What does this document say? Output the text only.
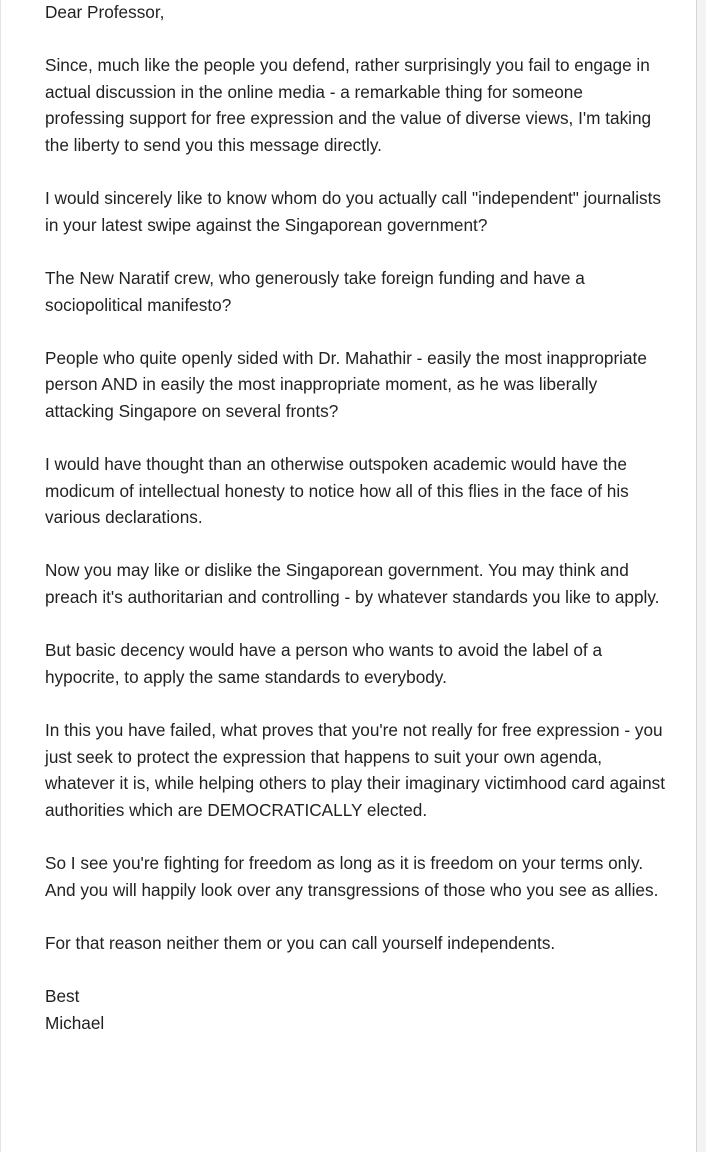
Dear Professor,

Since, much like the people you defend, rather surprisingly you fail to engage in actual discussion in the online media - a remarkable thing for someone professing support for free expression and the value of diverse views, I'm taking the liberty to send you this message directly.

I would sincerely like to know whom do you actually call "independent" journalists in your latest swipe against the Singaporean government?

The New Naratif crew, who generously take foreign funding and have a sociopolitical manifesto?

People who quite openly sided with Dr. Mahathir - easily the most inappropriate person AND in easily the most inappropriate moment, as he was liberally attacking Singapore on several fronts?

I would have thought than an otherwise outspoken academic would have the modicum of intellectual honesty to notice how all of this flies in the face of his various declarations.

Now you may like or dislike the Singaporean government. You may think and preach it's authoritarian and controlling - by whatever standards you like to apply.

But basic decency would have a person who wants to avoid the label of a hypocrite, to apply the same standards to everybody.

In this you have failed, what proves that you're not really for free expression - you just seek to protect the expression that happens to suit your own agenda, whatever it is, while helping others to play their imaginary victimhood card against authorities which are DEMOCRATICALLY elected.

So I see you're fighting for freedom as long as it is freedom on your terms only. And you will happily look over any transgressions of those who you see as allies.

For that reason neither them or you can call yourself independents.

Best

Michael
